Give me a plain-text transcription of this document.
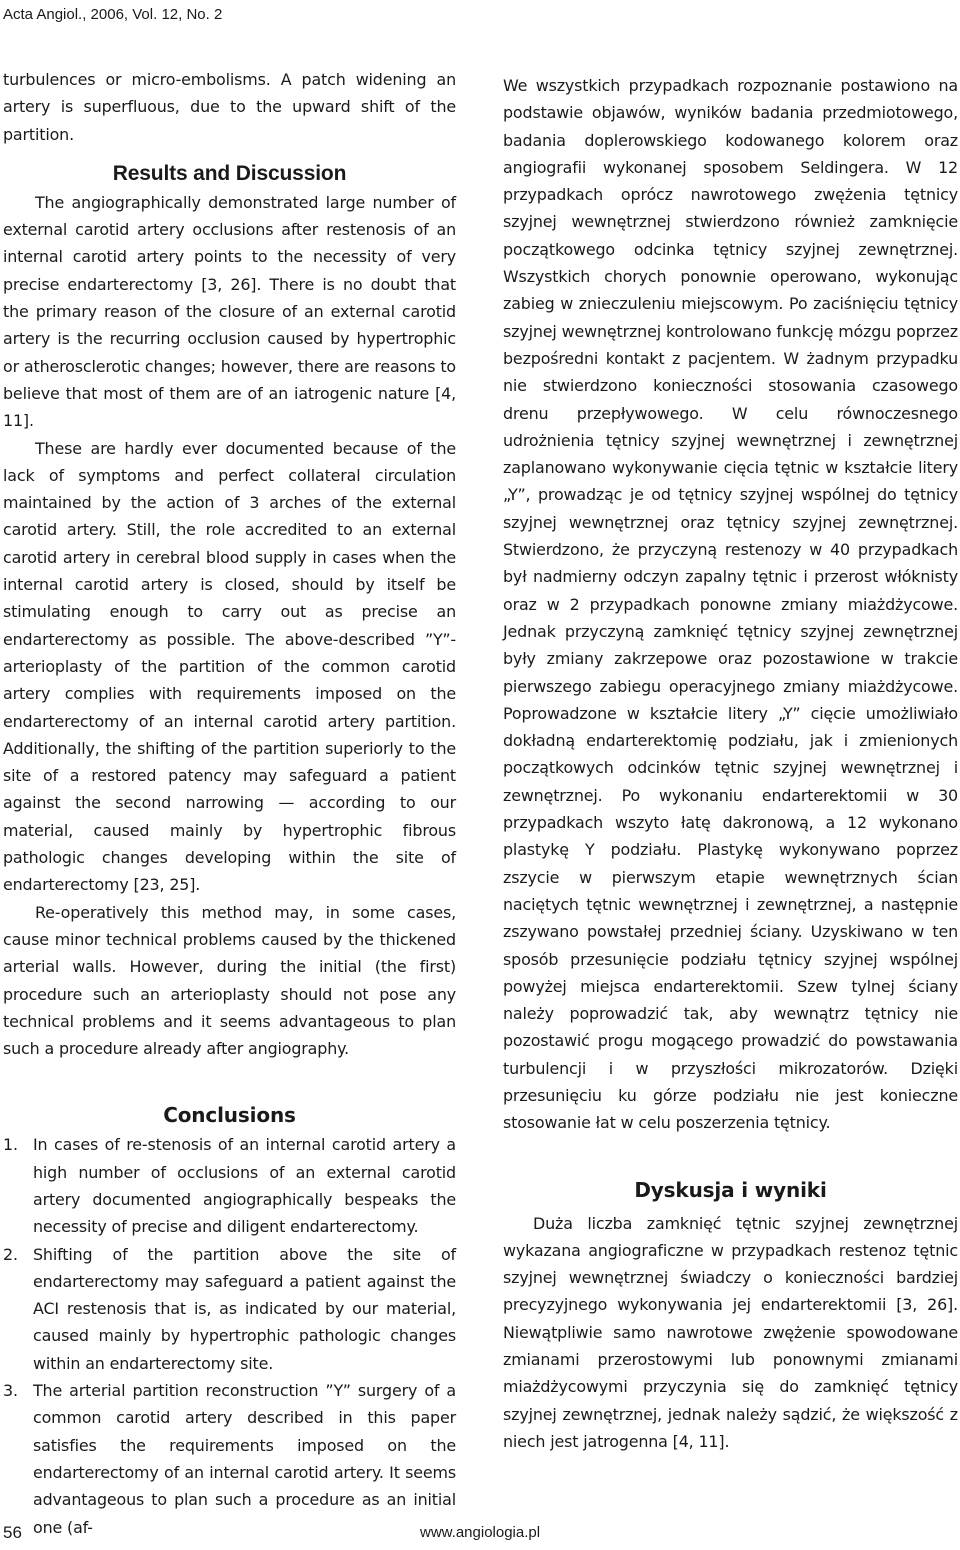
Acta Angiol., 2006, Vol. 12, No. 2

turbulences or micro-embolisms. A patch widening an artery is superfluous, due to the upward shift of the partition.

Results and Discussion

The angiographically demonstrated large number of external carotid artery occlusions after restenosis of an internal carotid artery points to the necessity of very precise endarterectomy [3, 26]. There is no doubt that the primary reason of the closure of an external carotid artery is the recurring occlusion caused by hypertrophic or atherosclerotic changes; however, there are reasons to believe that most of them are of an iatrogenic nature [4, 11].

These are hardly ever documented because of the lack of symptoms and perfect collateral circulation maintained by the action of 3 arches of the external carotid artery. Still, the role accredited to an external carotid artery in cerebral blood supply in cases when the internal carotid artery is closed, should by itself be stimulating enough to carry out as precise an endarterectomy as possible. The above-described ”Y”-arterioplasty of the partition of the common carotid artery complies with requirements imposed on the endarterectomy of an internal carotid artery partition. Additionally, the shifting of the partition superiorly to the site of a restored patency may safeguard a patient against the second narrowing — according to our material, caused mainly by hypertrophic fibrous pathologic changes developing within the site of endarterectomy [23, 25].

Re-operatively this method may, in some cases, cause minor technical problems caused by the thickened arterial walls. However, during the initial (the first) procedure such an arterioplasty should not pose any technical problems and it seems advantageous to plan such a procedure already after angiography.

Conclusions
1. In cases of re-stenosis of an internal carotid artery a high number of occlusions of an external carotid artery documented angiographically bespeaks the necessity of precise and diligent endarterectomy.
2. Shifting of the partition above the site of endarterectomy may safeguard a patient against the ACI restenosis that is, as indicated by our material, caused mainly by hypertrophic pathologic changes within an endarterectomy site.
3. The arterial partition reconstruction ”Y” surgery of a common carotid artery described in this paper satisfies the requirements imposed on the endarterectomy of an internal carotid artery. It seems advantageous to plan such a procedure as an initial one (af-

We wszystkich przypadkach rozpoznanie postawiono na podstawie objawów, wyników badania przedmiotowego, badania doplerowskiego kodowanego kolorem oraz angiografii wykonanej sposobem Seldingera. W 12 przypadkach oprócz nawrotowego zwężenia tętnicy szyjnej wewnętrznej stwierdzono również zamknięcie początkowego odcinka tętnicy szyjnej zewnętrznej. Wszystkich chorych ponownie operowano, wykonując zabieg w znieczuleniu miejscowym. Po zaciśnięciu tętnicy szyjnej wewnętrznej kontrolowano funkcję mózgu poprzez bezpośredni kontakt z pacjentem. W żadnym przypadku nie stwierdzono konieczności stosowania czasowego drenu przepływowego. W celu równoczesnego udrożnienia tętnicy szyjnej wewnętrznej i zewnętrznej zaplanowano wykonywanie cięcia tętnic w kształcie litery „Y”, prowadząc je od tętnicy szyjnej wspólnej do tętnicy szyjnej wewnętrznej oraz tętnicy szyjnej zewnętrznej. Stwierdzono, że przyczyną restenozy w 40 przypadkach był nadmierny odczyn zapalny tętnic i przerost włóknisty oraz w 2 przypadkach ponowne zmiany miażdżycowe. Jednak przyczyną zamknięć tętnicy szyjnej zewnętrznej były zmiany zakrzepowe oraz pozostawione w trakcie pierwszego zabiegu operacyjnego zmiany miażdżycowe. Poprowadzone w kształcie litery „Y” cięcie umożliwiało dokładną endarterektomię podziału, jak i zmienionych początkowych odcinków tętnic szyjnej wewnętrznej i zewnętrznej. Po wykonaniu endarterektomii w 30 przypadkach wszyto łatę dakronową, a 12 wykonano plastykę Y podziału. Plastykę wykonywano poprzez zszycie w pierwszym etapie wewnętrznych ścian naciętych tętnic wewnętrznej i zewnętrznej, a następnie zszywano powstałej przedniej ściany. Uzyskiwano w ten sposób przesunięcie podziału tętnicy szyjnej wspólnej powyżej miejsca endarterektomii. Szew tylnej ściany należy poprowadzić tak, aby wewnątrz tętnicy nie pozostawić progu mogącego prowadzić do powstawania turbulencji i w przyszłości mikrozatorów. Dzięki przesunięciu ku górze podziału nie jest konieczne stosowanie łat w celu poszerzenia tętnicy.

Dyskusja i wyniki

Duża liczba zamknięć tętnic szyjnej zewnętrznej wykazana angiograficzne w przypadkach restenoz tętnic szyjnej wewnętrznej świadczy o konieczności bardziej precyzyjnego wykonywania jej endarterektomii [3, 26]. Niewątpliwie samo nawrotowe zwężenie spowodowane zmianami przerostowymi lub ponownymi zmianami miażdżycowymi przyczynia się do zamknięć tętnicy szyjnej zewnętrznej, jednak należy sądzić, że większość z niech jest jatrogenna [4, 11].

56	www.angiologia.pl
